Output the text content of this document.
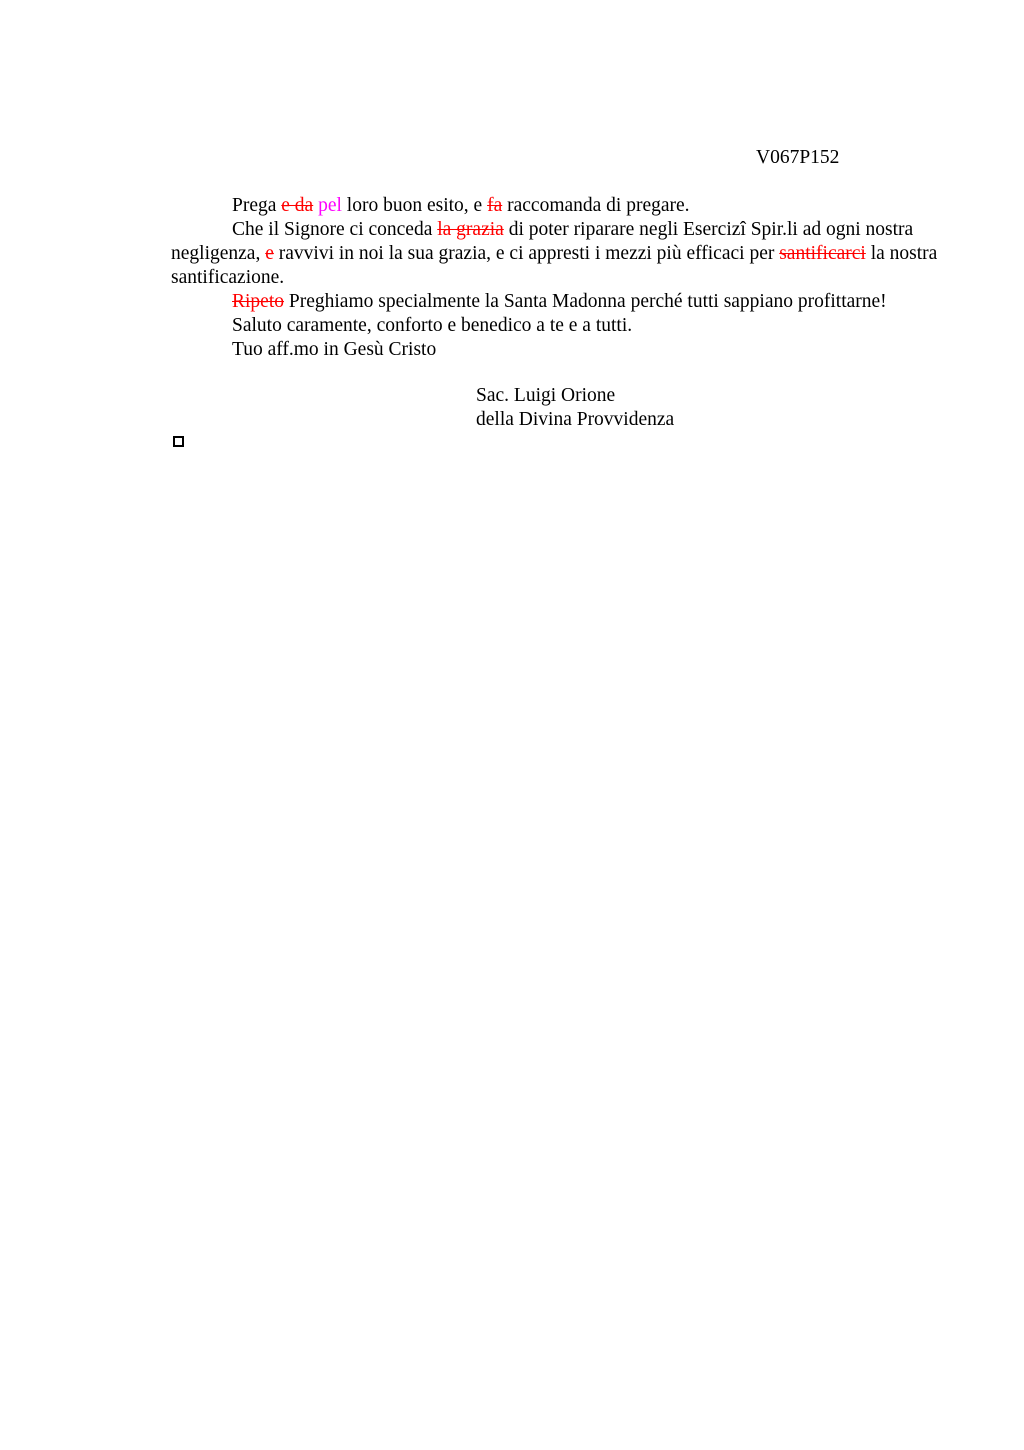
V067P152

Prega e da pel loro buon esito, e fa raccomanda di pregare.

Che il Signore ci conceda la grazia di poter riparare negli Esercizî Spir.li ad ogni nostra negligenza, e ravvivi in noi la sua grazia, e ci appresti i mezzi più efficaci per santificarci la nostra santificazione.

Ripeto Preghiamo specialmente la Santa Madonna perché tutti sappiano profittarne!

Saluto caramente, conforto e benedico a te e a tutti.

Tuo aff.mo in Gesù Cristo

Sac. Luigi Orione
della Divina Provvidenza
